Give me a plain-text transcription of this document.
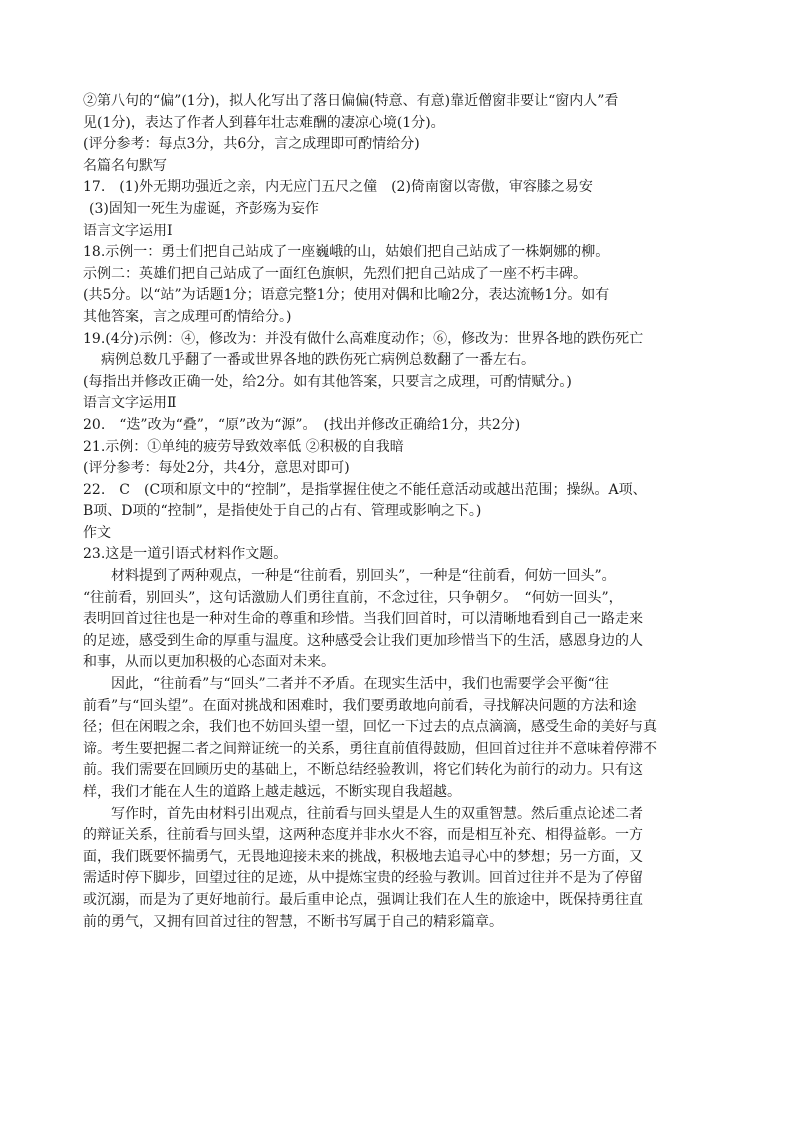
②第八句的“偏”(1分)，拟人化写出了落日偏偏(特意、有意)靠近僧窗非要让“窗内人”看
见(1分)，表达了作者人到暮年壮志难酬的凄凉心境(1分)。
(评分参考：每点3分，共6分，言之成理即可酌情给分)
名篇名句默写
17.　(1)外无期功强近之亲，内无应门五尺之僮　(2)倚南窗以寄傲，审容膝之易安
(3)固知一死生为虚诞，齐彭殇为妄作
语言文字运用Ⅰ
18.示例一：勇士们把自己站成了一座巍峨的山，姑娘们把自己站成了一株婀娜的柳。
示例二：英雄们把自己站成了一面红色旗帜，先烈们把自己站成了一座不朽丰碑。
(共5分。以“站”为话题1分；语意完整1分；使用对偶和比喻2分，表达流畅1分。如有
其他答案，言之成理可酌情给分。)
19.(4分)示例：④，修改为：并没有做什么高难度动作；⑥，修改为：世界各地的跌伤死亡
病例总数几乎翻了一番或世界各地的跌伤死亡病例总数翻了一番左右。
(每指出并修改正确一处，给2分。如有其他答案，只要言之成理，可酌情赋分。)
语言文字运用Ⅱ
20.　“迭”改为“叠”，“原”改为“源”。　(找出并修改正确给1分，共2分)
21.示例：①单纯的疲劳导致效率低 ②积极的自我暗
(评分参考：每处2分，共4分，意思对即可)
22.　C　(C项和原文中的“控制”，是指掌握住使之不能任意活动或越出范围；操纵。A项、
B项、D项的“控制”，是指使处于自己的占有、管理或影响之下。)
作文
23.这是一道引语式材料作文题。
材料提到了两种观点，一种是“往前看，别回头”，一种是“往前看，何妨一回头”。
“往前看，别回头”，这句话激励人们勇往直前，不念过往，只争朝夕。　“何妨一回头”，
表明回首过往也是一种对生命的尊重和珍惜。当我们回首时，可以清晰地看到自己一路走来
的足迹，感受到生命的厚重与温度。这种感受会让我们更加珍惜当下的生活，感恩身边的人
和事，从而以更加积极的心态面对未来。
因此，“往前看”与“回头”二者并不矛盾。在现实生活中，我们也需要学会平衡“往
前看”与“回头望”。在面对挑战和困难时，我们要勇敢地向前看，寻找解决问题的方法和途
径；但在闲暇之余，我们也不妨回头望一望，回忆一下过去的点点滴滴，感受生命的美好与真
谛。考生要把握二者之间辩证统一的关系，勇往直前值得鼓励，但回首过往并不意味着停滞不
前。我们需要在回顾历史的基础上，不断总结经验教训，将它们转化为前行的动力。只有这
样，我们才能在人生的道路上越走越远，不断实现自我超越。
写作时，首先由材料引出观点，往前看与回头望是人生的双重智慧。然后重点论述二者
的辩证关系，往前看与回头望，这两种态度并非水火不容，而是相互补充、相得益彰。一方
面，我们既要怀揣勇气，无畏地迎接未来的挑战，积极地去追寻心中的梦想；另一方面，又
需适时停下脚步，回望过往的足迹，从中提炼宝贵的经验与教训。回首过往并不是为了停留
或沉溺，而是为了更好地前行。最后重申论点，强调让我们在人生的旅途中，既保持勇往直
前的勇气，又拥有回首过往的智慧，不断书写属于自己的精彩篇章。
